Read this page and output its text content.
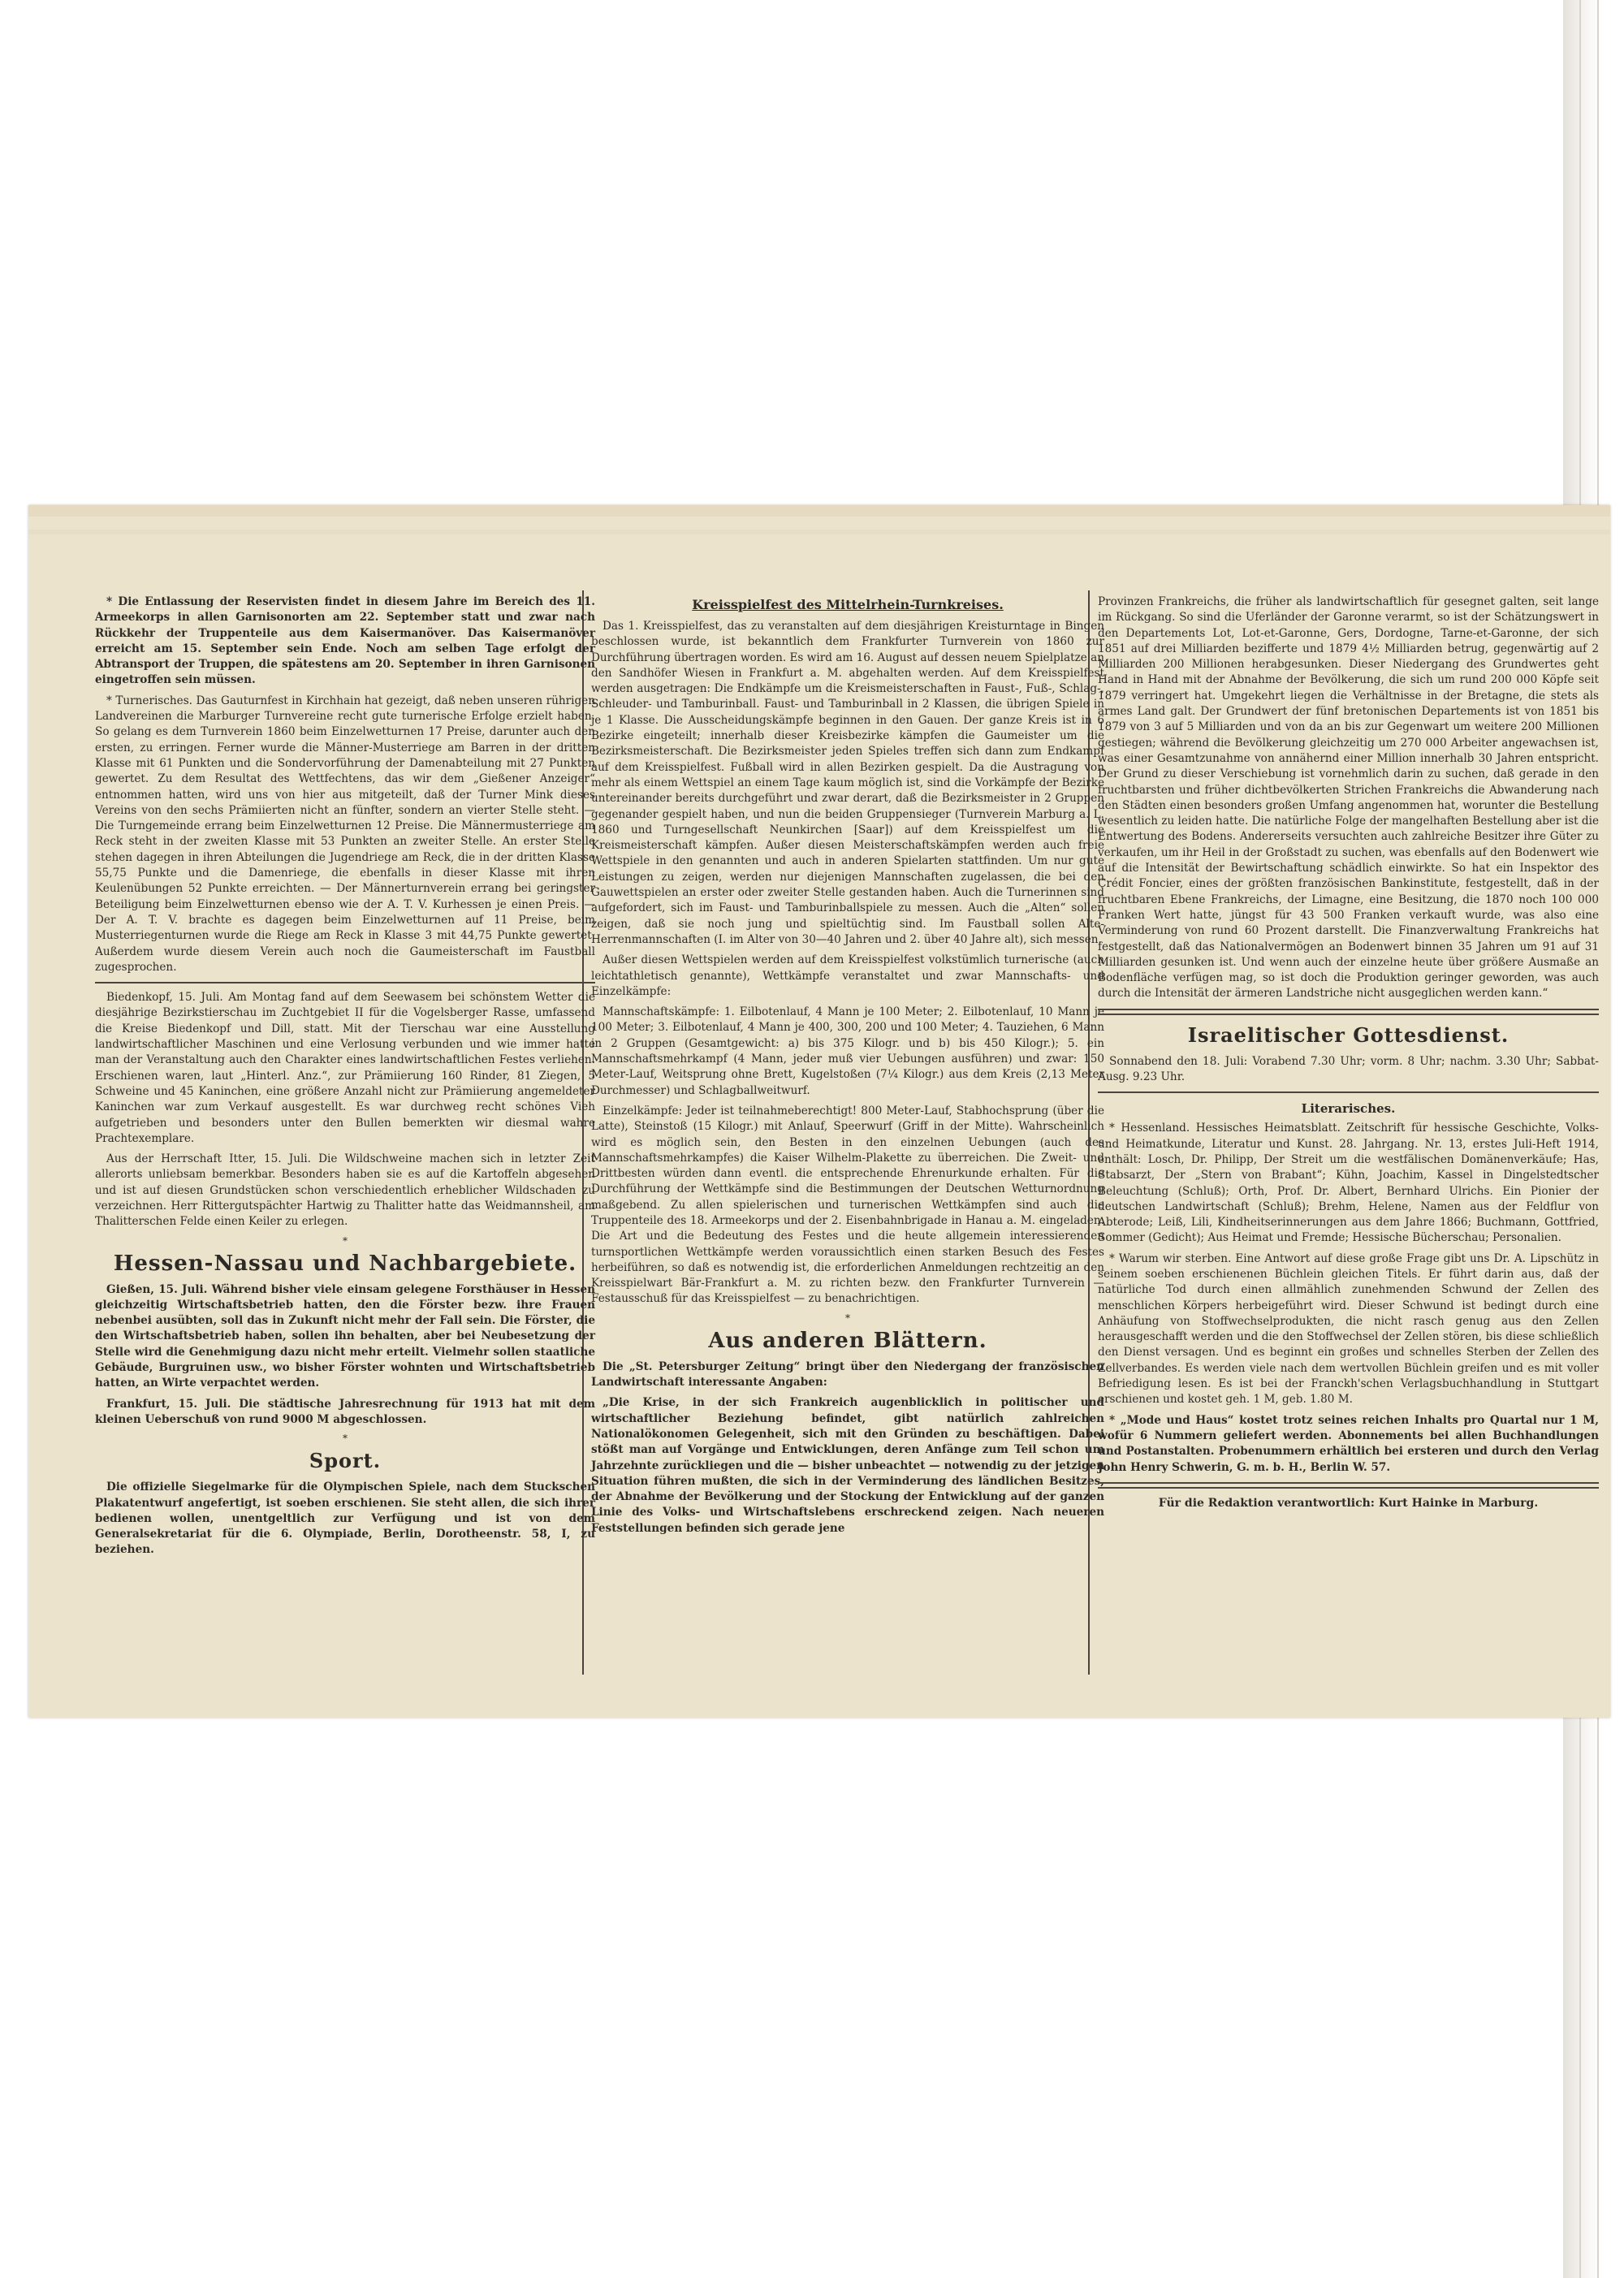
* Die Entlassung der Reservisten findet in diesem Jahre im Bereich des 11. Armeekorps in allen Garnisonorten am 22. September statt und zwar nach Rückkehr der Truppenteile aus dem Kaisermanöver. Das Kaisermanöver erreicht am 15. September sein Ende. Noch am selben Tage erfolgt der Abtransport der Truppen, die spätestens am 20. September in ihren Garnisonen eingetroffen sein müssen.

* Turnerisches. Das Gauturnfest in Kirchhain hat gezeigt, daß neben unseren rührigen Landvereinen die Marburger Turnvereine recht gute turnerische Erfolge erzielt haben. So gelang es dem Turnverein 1860 beim Einzelwetturnen 17 Preise, darunter auch den ersten, zu erringen. Ferner wurde die Männer-Musterriege am Barren in der dritten Klasse mit 61 Punkten und die Sondervorführung der Damenabteilung mit 27 Punkten gewertet. Zu dem Resultat des Wettfechtens, das wir dem „Gießener Anzeiger“ entnommen hatten, wird uns von hier aus mitgeteilt, daß der Turner Mink dieses Vereins von den sechs Prämiierten nicht an fünfter, sondern an vierter Stelle steht. — Die Turngemeinde errang beim Einzelwetturnen 12 Preise. Die Männermusterriege am Reck steht in der zweiten Klasse mit 53 Punkten an zweiter Stelle. An erster Stelle stehen dagegen in ihren Abteilungen die Jugendriege am Reck, die in der dritten Klasse 55,75 Punkte und die Damenriege, die ebenfalls in dieser Klasse mit ihren Keulenübungen 52 Punkte erreichten. — Der Männerturnverein errang bei geringster Beteiligung beim Einzelwetturnen ebenso wie der A. T. V. Kurhessen je einen Preis. — Der A. T. V. brachte es dagegen beim Einzelwetturnen auf 11 Preise, beim Musterriegenturnen wurde die Riege am Reck in Klasse 3 mit 44,75 Punkte gewertet. Außerdem wurde diesem Verein auch noch die Gaumeisterschaft im Faustball zugesprochen.

Biedenkopf, 15. Juli. Am Montag fand auf dem Seewasem bei schönstem Wetter die diesjährige Bezirkstierschau im Zuchtgebiet II für die Vogelsberger Rasse, umfassend die Kreise Biedenkopf und Dill, statt. Mit der Tierschau war eine Ausstellung landwirtschaftlicher Maschinen und eine Verlosung verbunden und wie immer hatte man der Veranstaltung auch den Charakter eines landwirtschaftlichen Festes verliehen. Erschienen waren, laut „Hinterl. Anz.“, zur Prämiierung 160 Rinder, 81 Ziegen, 5 Schweine und 45 Kaninchen, eine größere Anzahl nicht zur Prämiierung angemeldeter Kaninchen war zum Verkauf ausgestellt. Es war durchweg recht schönes Vieh aufgetrieben und besonders unter den Bullen bemerkten wir diesmal wahre Prachtexemplare.

Aus der Herrschaft Itter, 15. Juli. Die Wildschweine machen sich in letzter Zeit allerorts unliebsam bemerkbar. Besonders haben sie es auf die Kartoffeln abgesehen und ist auf diesen Grundstücken schon verschiedentlich erheblicher Wildschaden zu verzeichnen. Herr Rittergutspächter Hartwig zu Thalitter hatte das Weidmannsheil, am Thalitterschen Felde einen Keiler zu erlegen.

*
Hessen-Nassau und Nachbargebiete.

Gießen, 15. Juli. Während bisher viele einsam gelegene Forsthäuser in Hessen gleichzeitig Wirtschaftsbetrieb hatten, den die Förster bezw. ihre Frauen nebenbei ausübten, soll das in Zukunft nicht mehr der Fall sein. Die Förster, die den Wirtschaftsbetrieb haben, sollen ihn behalten, aber bei Neubesetzung der Stelle wird die Genehmigung dazu nicht mehr erteilt. Vielmehr sollen staatliche Gebäude, Burgruinen usw., wo bisher Förster wohnten und Wirtschaftsbetrieb hatten, an Wirte verpachtet werden.

Frankfurt, 15. Juli. Die städtische Jahresrechnung für 1913 hat mit dem kleinen Ueberschuß von rund 9000 M abgeschlossen.

*
Sport.

Die offizielle Siegelmarke für die Olympischen Spiele, nach dem Stuckschen Plakatentwurf angefertigt, ist soeben erschienen. Sie steht allen, die sich ihrer bedienen wollen, unentgeltlich zur Verfügung und ist von dem Generalsekretariat für die 6. Olympiade, Berlin, Dorotheenstr. 58, I, zu beziehen.

Kreisspielfest des Mittelrhein-Turnkreises.

Das 1. Kreisspielfest, das zu veranstalten auf dem diesjährigen Kreisturntage in Bingen beschlossen wurde, ist bekanntlich dem Frankfurter Turnverein von 1860 zur Durchführung übertragen worden. Es wird am 16. August auf dessen neuem Spielplatze an den Sandhöfer Wiesen in Frankfurt a. M. abgehalten werden. Auf dem Kreisspielfest werden ausgetragen: Die Endkämpfe um die Kreismeisterschaften in Faust-, Fuß-, Schlag-, Schleuder- und Tamburinball. Faust- und Tamburinball in 2 Klassen, die übrigen Spiele in je 1 Klasse. Die Ausscheidungskämpfe beginnen in den Gauen. Der ganze Kreis ist in 6 Bezirke eingeteilt; innerhalb dieser Kreisbezirke kämpfen die Gaumeister um die Bezirksmeisterschaft. Die Bezirksmeister jeden Spieles treffen sich dann zum Endkampf auf dem Kreisspielfest. Fußball wird in allen Bezirken gespielt. Da die Austragung von mehr als einem Wettspiel an einem Tage kaum möglich ist, sind die Vorkämpfe der Bezirke untereinander bereits durchgeführt und zwar derart, daß die Bezirksmeister in 2 Gruppen gegenander gespielt haben, und nun die beiden Gruppensieger (Turnverein Marburg a. L. 1860 und Turngesellschaft Neunkirchen [Saar]) auf dem Kreisspielfest um die Kreismeisterschaft kämpfen. Außer diesen Meisterschaftskämpfen werden auch freie Wettspiele in den genannten und auch in anderen Spielarten stattfinden. Um nur gute Leistungen zu zeigen, werden nur diejenigen Mannschaften zugelassen, die bei den Gauwettspielen an erster oder zweiter Stelle gestanden haben. Auch die Turnerinnen sind aufgefordert, sich im Faust- und Tamburinballspiele zu messen. Auch die „Alten“ sollen zeigen, daß sie noch jung und spieltüchtig sind. Im Faustball sollen Alte-Herrenmannschaften (I. im Alter von 30—40 Jahren und 2. über 40 Jahre alt), sich messen.

Außer diesen Wettspielen werden auf dem Kreisspielfest volkstümlich turnerische (auch leichtathletisch genannte), Wettkämpfe veranstaltet und zwar Mannschafts- und Einzelkämpfe:

Mannschaftskämpfe: 1. Eilbotenlauf, 4 Mann je 100 Meter; 2. Eilbotenlauf, 10 Mann je 100 Meter; 3. Eilbotenlauf, 4 Mann je 400, 300, 200 und 100 Meter; 4. Tauziehen, 6 Mann in 2 Gruppen (Gesamtgewicht: a) bis 375 Kilogr. und b) bis 450 Kilogr.); 5. ein Mannschaftsmehrkampf (4 Mann, jeder muß vier Uebungen ausführen) und zwar: 150 Meter-Lauf, Weitsprung ohne Brett, Kugelstoßen (7¼ Kilogr.) aus dem Kreis (2,13 Meter Durchmesser) und Schlagballweitwurf.

Einzelkämpfe: Jeder ist teilnahmeberechtigt! 800 Meter-Lauf, Stabhochsprung (über die Latte), Steinstoß (15 Kilogr.) mit Anlauf, Speerwurf (Griff in der Mitte). Wahrscheinlich wird es möglich sein, den Besten in den einzelnen Uebungen (auch des Mannschaftsmehrkampfes) die Kaiser Wilhelm-Plakette zu überreichen. Die Zweit- und Drittbesten würden dann eventl. die entsprechende Ehrenurkunde erhalten. Für die Durchführung der Wettkämpfe sind die Bestimmungen der Deutschen Wetturnordnung maßgebend. Zu allen spielerischen und turnerischen Wettkämpfen sind auch die Truppenteile des 18. Armeekorps und der 2. Eisenbahnbrigade in Hanau a. M. eingeladen. Die Art und die Bedeutung des Festes und die heute allgemein interessierenden turnsportlichen Wettkämpfe werden voraussichtlich einen starken Besuch des Festes herbeiführen, so daß es notwendig ist, die erforderlichen Anmeldungen rechtzeitig an den Kreisspielwart Bär-Frankfurt a. M. zu richten bezw. den Frankfurter Turnverein — Festausschuß für das Kreisspielfest — zu benachrichtigen.

*
Aus anderen Blättern.

Die „St. Petersburger Zeitung“ bringt über den Niedergang der französischen Landwirtschaft interessante Angaben:

„Die Krise, in der sich Frankreich augenblicklich in politischer und wirtschaftlicher Beziehung befindet, gibt natürlich zahlreichen Nationalökonomen Gelegenheit, sich mit den Gründen zu beschäftigen. Dabei stößt man auf Vorgänge und Entwicklungen, deren Anfänge zum Teil schon um Jahrzehnte zurückliegen und die — bisher unbeachtet — notwendig zu der jetzigen Situation führen mußten, die sich in der Verminderung des ländlichen Besitzes, der Abnahme der Bevölkerung und der Stockung der Entwicklung auf der ganzen Linie des Volks- und Wirtschaftslebens erschreckend zeigen. Nach neueren Feststellungen befinden sich gerade jene

Provinzen Frankreichs, die früher als landwirtschaftlich für gesegnet galten, seit lange im Rückgang. So sind die Uferländer der Garonne verarmt, so ist der Schätzungswert in den Departements Lot, Lot-et-Garonne, Gers, Dordogne, Tarne-et-Garonne, der sich 1851 auf drei Milliarden bezifferte und 1879 4½ Milliarden betrug, gegenwärtig auf 2 Milliarden 200 Millionen herabgesunken. Dieser Niedergang des Grundwertes geht Hand in Hand mit der Abnahme der Bevölkerung, die sich um rund 200 000 Köpfe seit 1879 verringert hat. Umgekehrt liegen die Verhältnisse in der Bretagne, die stets als armes Land galt. Der Grundwert der fünf bretonischen Departements ist von 1851 bis 1879 von 3 auf 5 Milliarden und von da an bis zur Gegenwart um weitere 200 Millionen gestiegen; während die Bevölkerung gleichzeitig um 270 000 Arbeiter angewachsen ist, was einer Gesamtzunahme von annähernd einer Million innerhalb 30 Jahren entspricht. Der Grund zu dieser Verschiebung ist vornehmlich darin zu suchen, daß gerade in den fruchtbarsten und früher dichtbevölkerten Strichen Frankreichs die Abwanderung nach den Städten einen besonders großen Umfang angenommen hat, worunter die Bestellung wesentlich zu leiden hatte. Die natürliche Folge der mangelhaften Bestellung aber ist die Entwertung des Bodens. Andererseits versuchten auch zahlreiche Besitzer ihre Güter zu verkaufen, um ihr Heil in der Großstadt zu suchen, was ebenfalls auf den Bodenwert wie auf die Intensität der Bewirtschaftung schädlich einwirkte. So hat ein Inspektor des Crédit Foncier, eines der größten französischen Bankinstitute, festgestellt, daß in der fruchtbaren Ebene Frankreichs, der Limagne, eine Besitzung, die 1870 noch 100 000 Franken Wert hatte, jüngst für 43 500 Franken verkauft wurde, was also eine Verminderung von rund 60 Prozent darstellt. Die Finanzverwaltung Frankreichs hat festgestellt, daß das Nationalvermögen an Bodenwert binnen 35 Jahren um 91 auf 31 Milliarden gesunken ist. Und wenn auch der einzelne heute über größere Ausmaße an Bodenfläche verfügen mag, so ist doch die Produktion geringer geworden, was auch durch die Intensität der ärmeren Landstriche nicht ausgeglichen werden kann.“

Israelitischer Gottesdienst.

Sonnabend den 18. Juli: Vorabend 7.30 Uhr; vorm. 8 Uhr; nachm. 3.30 Uhr; Sabbat-Ausg. 9.23 Uhr.

Literarisches.

* Hessenland. Hessisches Heimatsblatt. Zeitschrift für hessische Geschichte, Volks- und Heimatkunde, Literatur und Kunst. 28. Jahrgang. Nr. 13, erstes Juli-Heft 1914, enthält: Losch, Dr. Philipp, Der Streit um die westfälischen Domänenverkäufe; Has, Stabsarzt, Der „Stern von Brabant“; Kühn, Joachim, Kassel in Dingelstedtscher Beleuchtung (Schluß); Orth, Prof. Dr. Albert, Bernhard Ulrichs. Ein Pionier der deutschen Landwirtschaft (Schluß); Brehm, Helene, Namen aus der Feldflur von Abterode; Leiß, Lili, Kindheitserinnerungen aus dem Jahre 1866; Buchmann, Gottfried, Sommer (Gedicht); Aus Heimat und Fremde; Hessische Bücherschau; Personalien.

* Warum wir sterben. Eine Antwort auf diese große Frage gibt uns Dr. A. Lipschütz in seinem soeben erschienenen Büchlein gleichen Titels. Er führt darin aus, daß der natürliche Tod durch einen allmählich zunehmenden Schwund der Zellen des menschlichen Körpers herbeigeführt wird. Dieser Schwund ist bedingt durch eine Anhäufung von Stoffwechselprodukten, die nicht rasch genug aus den Zellen herausgeschafft werden und die den Stoffwechsel der Zellen stören, bis diese schließlich den Dienst versagen. Und es beginnt ein großes und schnelles Sterben der Zellen des Zellverbandes. Es werden viele nach dem wertvollen Büchlein greifen und es mit voller Befriedigung lesen. Es ist bei der Franckh'schen Verlagsbuchhandlung in Stuttgart erschienen und kostet geh. 1 M, geb. 1.80 M.

* „Mode und Haus“ kostet trotz seines reichen Inhalts pro Quartal nur 1 M, wofür 6 Nummern geliefert werden. Abonnements bei allen Buchhandlungen und Postanstalten. Probenummern erhältlich bei ersteren und durch den Verlag John Henry Schwerin, G. m. b. H., Berlin W. 57.

Für die Redaktion verantwortlich: Kurt Hainke in Marburg.
